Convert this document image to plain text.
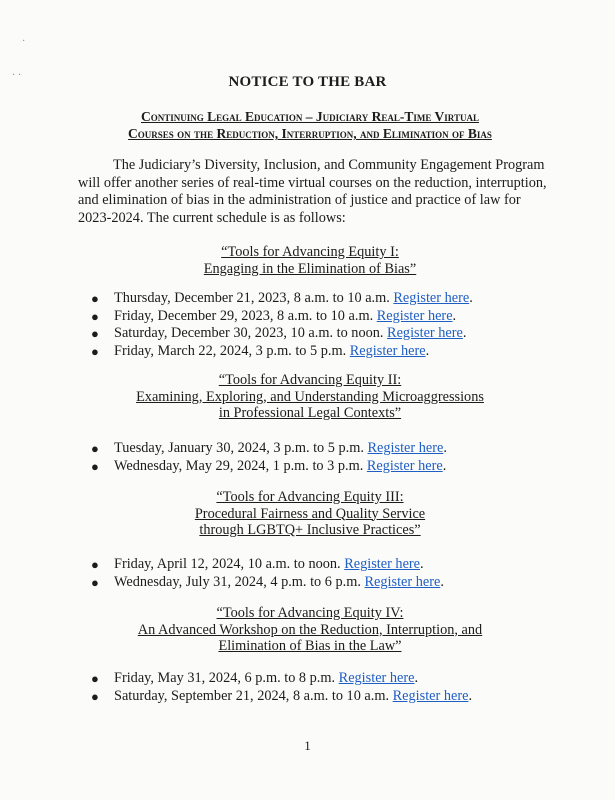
·
· ·	NOTICE TO THE BAR
Continuing Legal Education – Judiciary Real-Time Virtual
Courses on the Reduction, Interruption, and Elimination of Bias
The Judiciary’s Diversity, Inclusion, and Community Engagement Program will offer another series of real-time virtual courses on the reduction, interruption, and elimination of bias in the administration of justice and practice of law for 2023-2024. The current schedule is as follows:
“Tools for Advancing Equity I:
Engaging in the Elimination of Bias”
● Thursday, December 21, 2023, 8 a.m. to 10 a.m. Register here.
● Friday, December 29, 2023, 8 a.m. to 10 a.m. Register here.
● Saturday, December 30, 2023, 10 a.m. to noon. Register here.
● Friday, March 22, 2024, 3 p.m. to 5 p.m. Register here.
“Tools for Advancing Equity II:
Examining, Exploring, and Understanding Microaggressions
in Professional Legal Contexts”
● Tuesday, January 30, 2024, 3 p.m. to 5 p.m. Register here.
● Wednesday, May 29, 2024, 1 p.m. to 3 p.m. Register here.
“Tools for Advancing Equity III:
Procedural Fairness and Quality Service
through LGBTQ+ Inclusive Practices”
● Friday, April 12, 2024, 10 a.m. to noon. Register here.
● Wednesday, July 31, 2024, 4 p.m. to 6 p.m. Register here.
“Tools for Advancing Equity IV:
An Advanced Workshop on the Reduction, Interruption, and
Elimination of Bias in the Law”
● Friday, May 31, 2024, 6 p.m. to 8 p.m. Register here.
● Saturday, September 21, 2024, 8 a.m. to 10 a.m. Register here.
1
